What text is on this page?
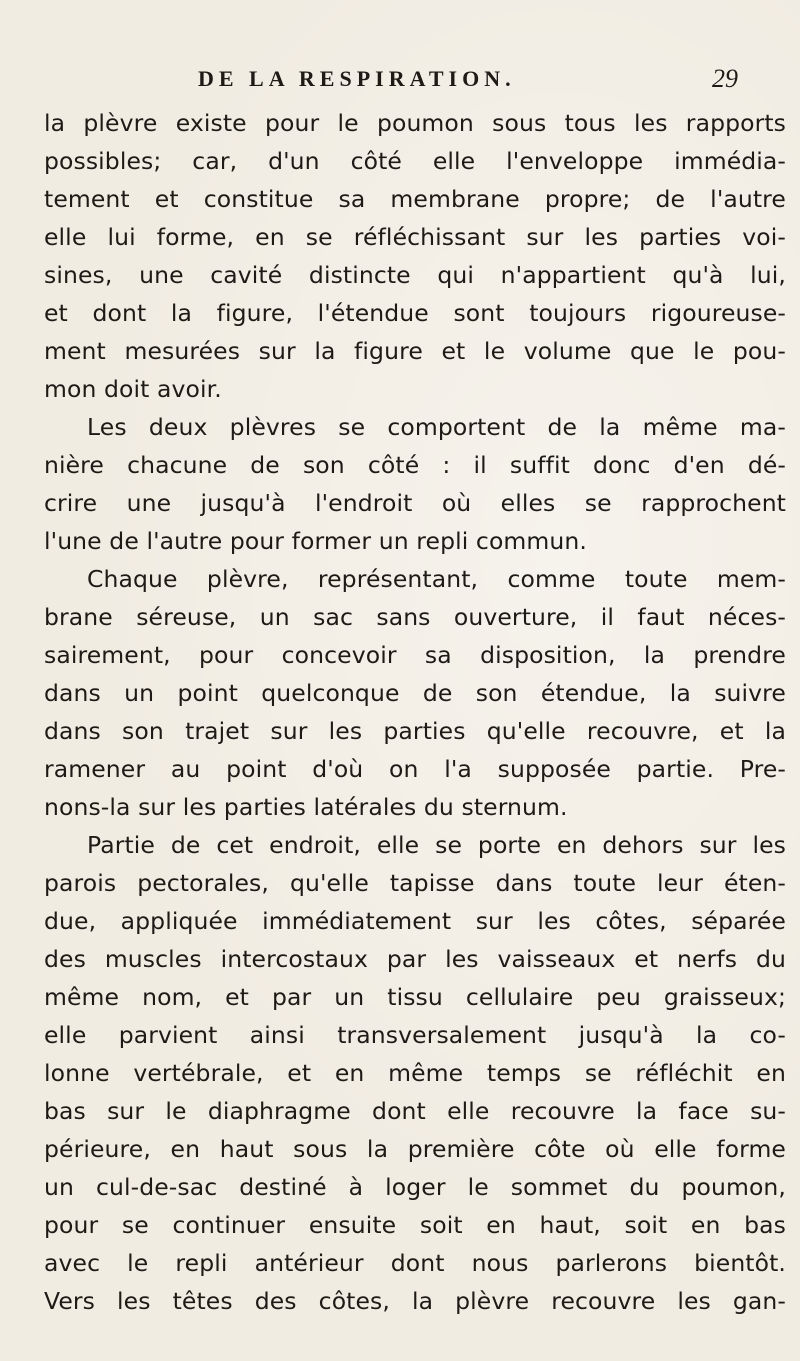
DE LA RESPIRATION.	29
la plèvre existe pour le poumon sous tous les rapports
possibles; car, d'un côté elle l'enveloppe immédia-
tement et constitue sa membrane propre; de l'autre
elle lui forme, en se réfléchissant sur les parties voi-
sines, une cavité distincte qui n'appartient qu'à lui,
et dont la figure, l'étendue sont toujours rigoureuse-
ment mesurées sur la figure et le volume que le pou-
mon doit avoir.
Les deux plèvres se comportent de la même ma-
nière chacune de son côté : il suffit donc d'en dé-
crire une jusqu'à l'endroit où elles se rapprochent
l'une de l'autre pour former un repli commun.
Chaque plèvre, représentant, comme toute mem-
brane séreuse, un sac sans ouverture, il faut néces-
sairement, pour concevoir sa disposition, la prendre
dans un point quelconque de son étendue, la suivre
dans son trajet sur les parties qu'elle recouvre, et la
ramener au point d'où on l'a supposée partie. Pre-
nons-la sur les parties latérales du sternum.
Partie de cet endroit, elle se porte en dehors sur les
parois pectorales, qu'elle tapisse dans toute leur éten-
due, appliquée immédiatement sur les côtes, séparée
des muscles intercostaux par les vaisseaux et nerfs du
même nom, et par un tissu cellulaire peu graisseux;
elle parvient ainsi transversalement jusqu'à la co-
lonne vertébrale, et en même temps se réfléchit en
bas sur le diaphragme dont elle recouvre la face su-
périeure, en haut sous la première côte où elle forme
un cul-de-sac destiné à loger le sommet du poumon,
pour se continuer ensuite soit en haut, soit en bas
avec le repli antérieur dont nous parlerons bientôt.
Vers les têtes des côtes, la plèvre recouvre les gan-
